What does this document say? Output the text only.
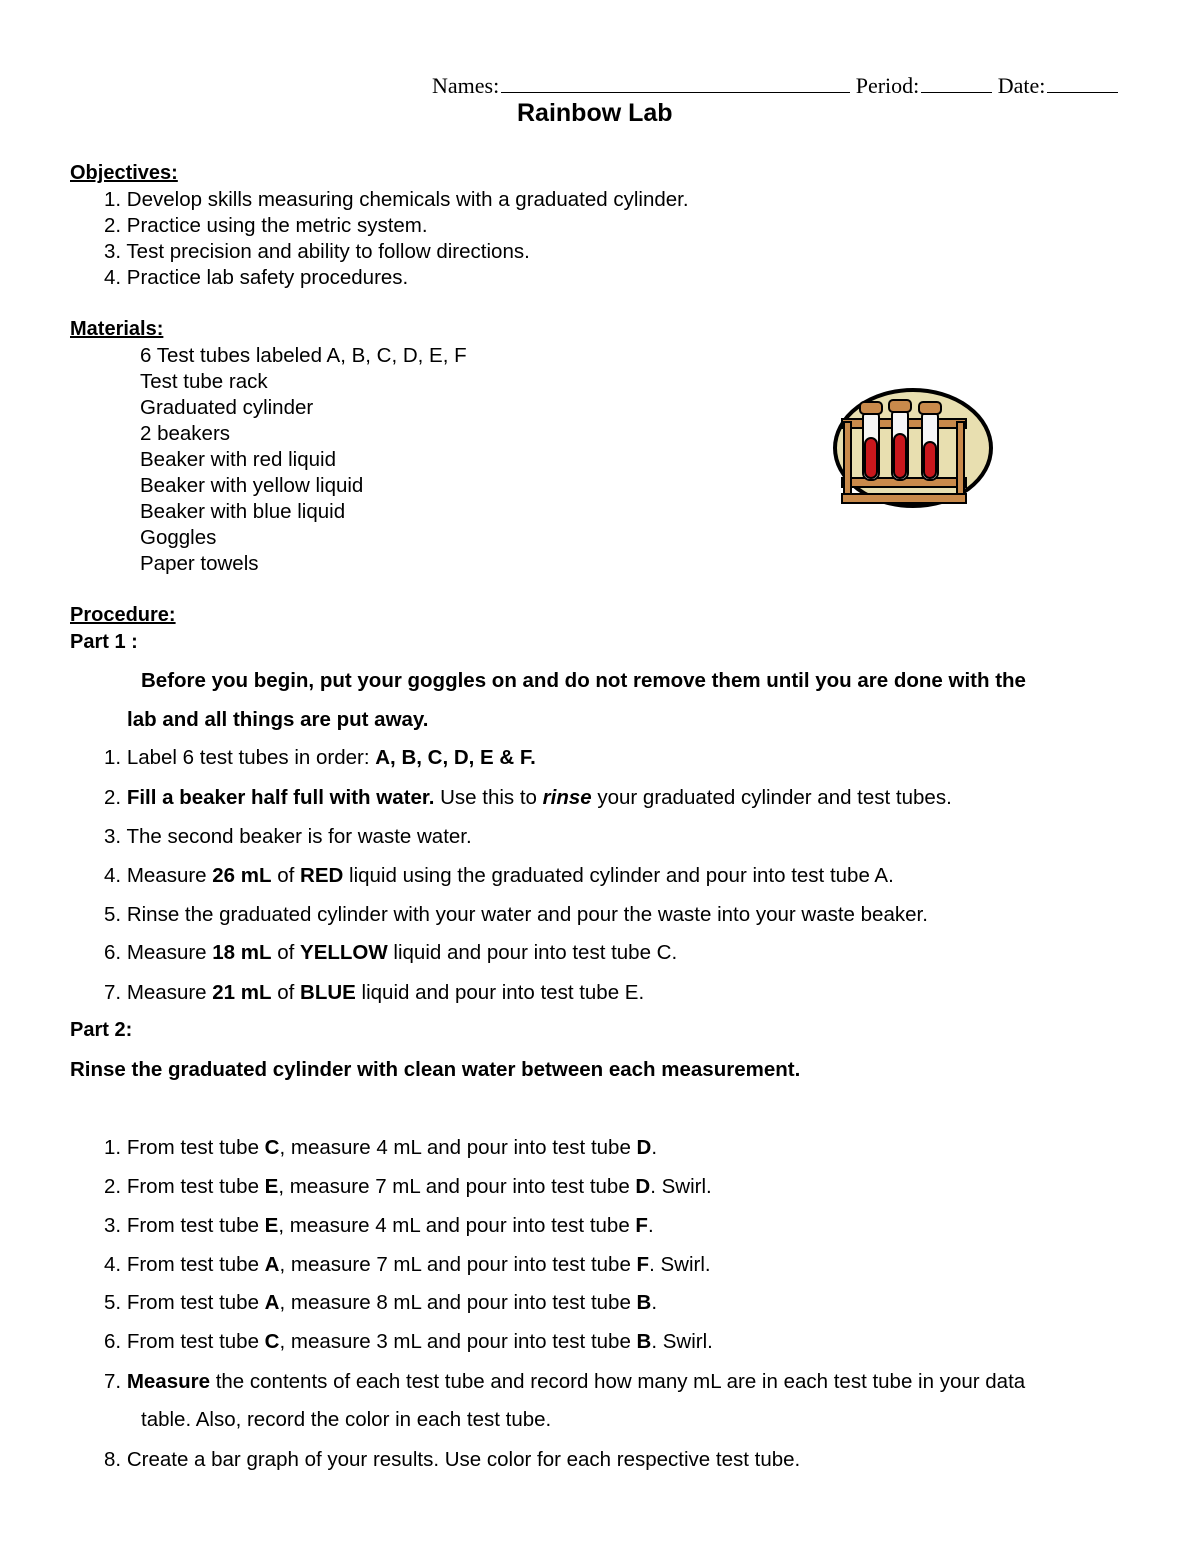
Names:	Period:	Date:
Rainbow Lab
Objectives:
1. Develop skills measuring chemicals with a graduated cylinder.
2. Practice using the metric system.
3. Test precision and ability to follow directions.
4. Practice lab safety procedures.
Materials:
6 Test tubes labeled A, B, C, D, E, F
Test tube rack
Graduated cylinder
2 beakers
Beaker with red liquid
Beaker with yellow liquid
Beaker with blue liquid
Goggles
Paper towels
Procedure:
Part 1 :
Before you begin, put your goggles on and do not remove them until you are done with the
lab and all things are put away.
1. Label 6 test tubes in order: A, B, C, D, E & F.
2. Fill a beaker half full with water. Use this to rinse your graduated cylinder and test tubes.
3. The second beaker is for waste water.
4. Measure 26 mL of RED liquid using the graduated cylinder and pour into test tube A.
5. Rinse the graduated cylinder with your water and pour the waste into your waste beaker.
6. Measure 18 mL of YELLOW liquid and pour into test tube C.
7. Measure 21 mL of BLUE liquid and pour into test tube E.
Part 2:
Rinse the graduated cylinder with clean water between each measurement.
1. From test tube C, measure 4 mL and pour into test tube D.
2. From test tube E, measure 7 mL and pour into test tube D. Swirl.
3. From test tube E, measure 4 mL and pour into test tube F.
4. From test tube A, measure 7 mL and pour into test tube F. Swirl.
5. From test tube A, measure 8 mL and pour into test tube B.
6. From test tube C, measure 3 mL and pour into test tube B. Swirl.
7. Measure the contents of each test tube and record how many mL are in each test tube in your data
table. Also, record the color in each test tube.
8. Create a bar graph of your results. Use color for each respective test tube.
